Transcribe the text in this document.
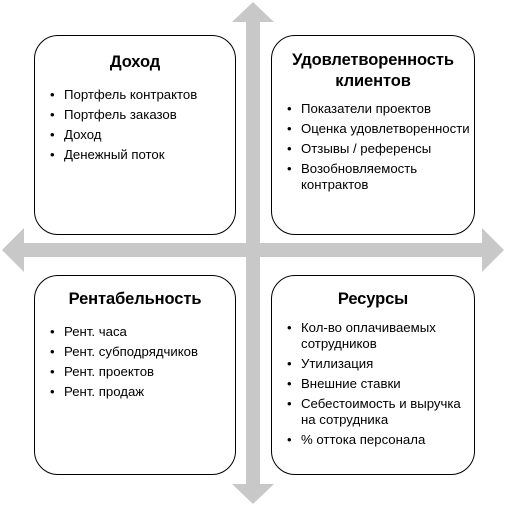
Доход
• Портфель контрактов
• Портфель заказов
• Доход
• Денежный поток
Удовлетворенность клиентов
• Показатели проектов
• Оценка удовлетворенности
• Отзывы / референсы
• Возобновляемость контрактов
Рентабельность
• Рент. часа
• Рент. субподрядчиков
• Рент. проектов
• Рент. продаж
Ресурсы
• Кол-во оплачиваемых сотрудников
• Утилизация
• Внешние ставки
• Себестоимость и выручка на сотрудника
• % оттока персонала
